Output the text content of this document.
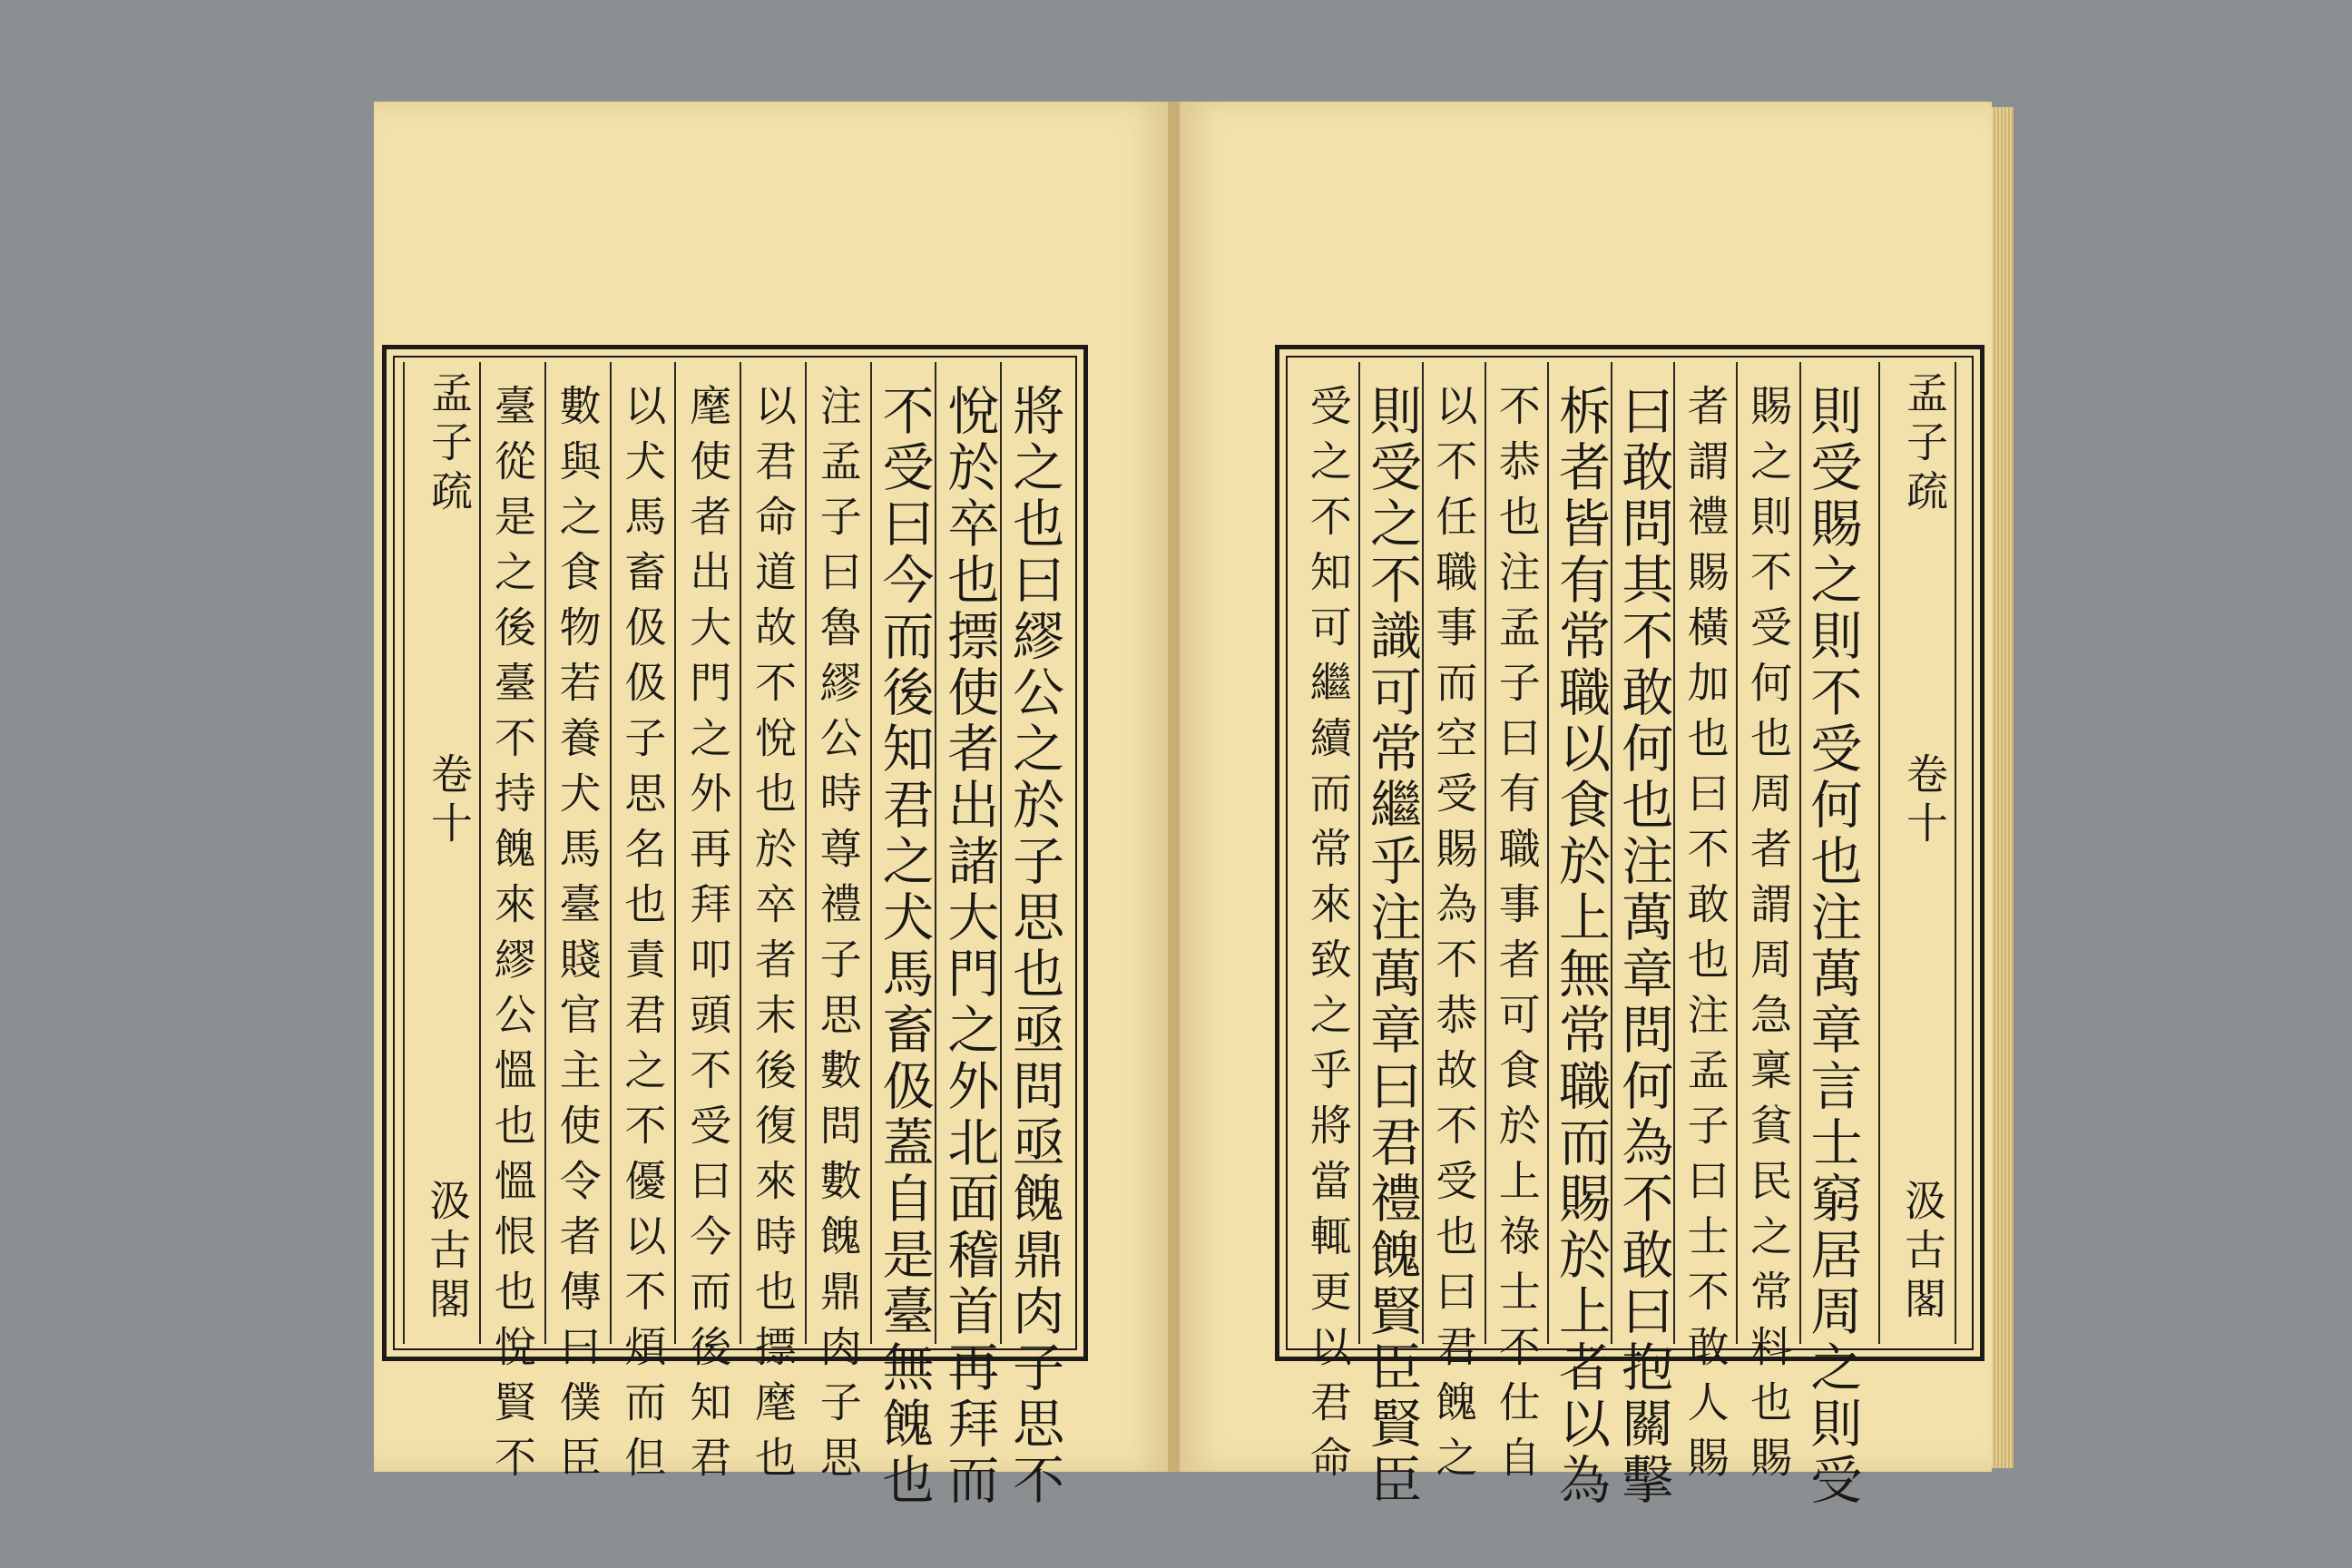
孟子疏
卷十
汲古閣	將之也曰繆公之於子思也亟問亟餽鼎肉子思不
悅於卒也摽使者出諸大門之外北面稽首再拜而
不受曰今而後知君之犬馬畜伋蓋自是臺無餽也
注孟子曰魯繆公時尊禮子思數問數餽鼎肉子思
以君命道故不悅也於卒者末後復來時也摽麾也
麾使者出大門之外再拜叩頭不受曰今而後知君
以犬馬畜伋伋子思名也責君之不優以不煩而但
數與之食物若養犬馬臺賤官主使令者傳曰僕臣
臺從是之後臺不持餽來繆公慍也慍恨也悅賢不	孟子疏
卷十
汲古閣
則受賜之則不受何也注萬章言士窮居周之則受
賜之則不受何也周者謂周急稟貧民之常料也賜
者謂禮賜橫加也曰不敢也注孟子曰士不敢人賜
曰敢問其不敢何也注萬章問何為不敢曰抱關擊
柝者皆有常職以食於上無常職而賜於上者以為
不恭也注孟子曰有職事者可食於上祿士不仕自
以不任職事而空受賜為不恭故不受也曰君餽之
則受之不識可常繼乎注萬章曰君禮餽賢臣賢臣
受之不知可繼續而常來致之乎將當輒更以君命
